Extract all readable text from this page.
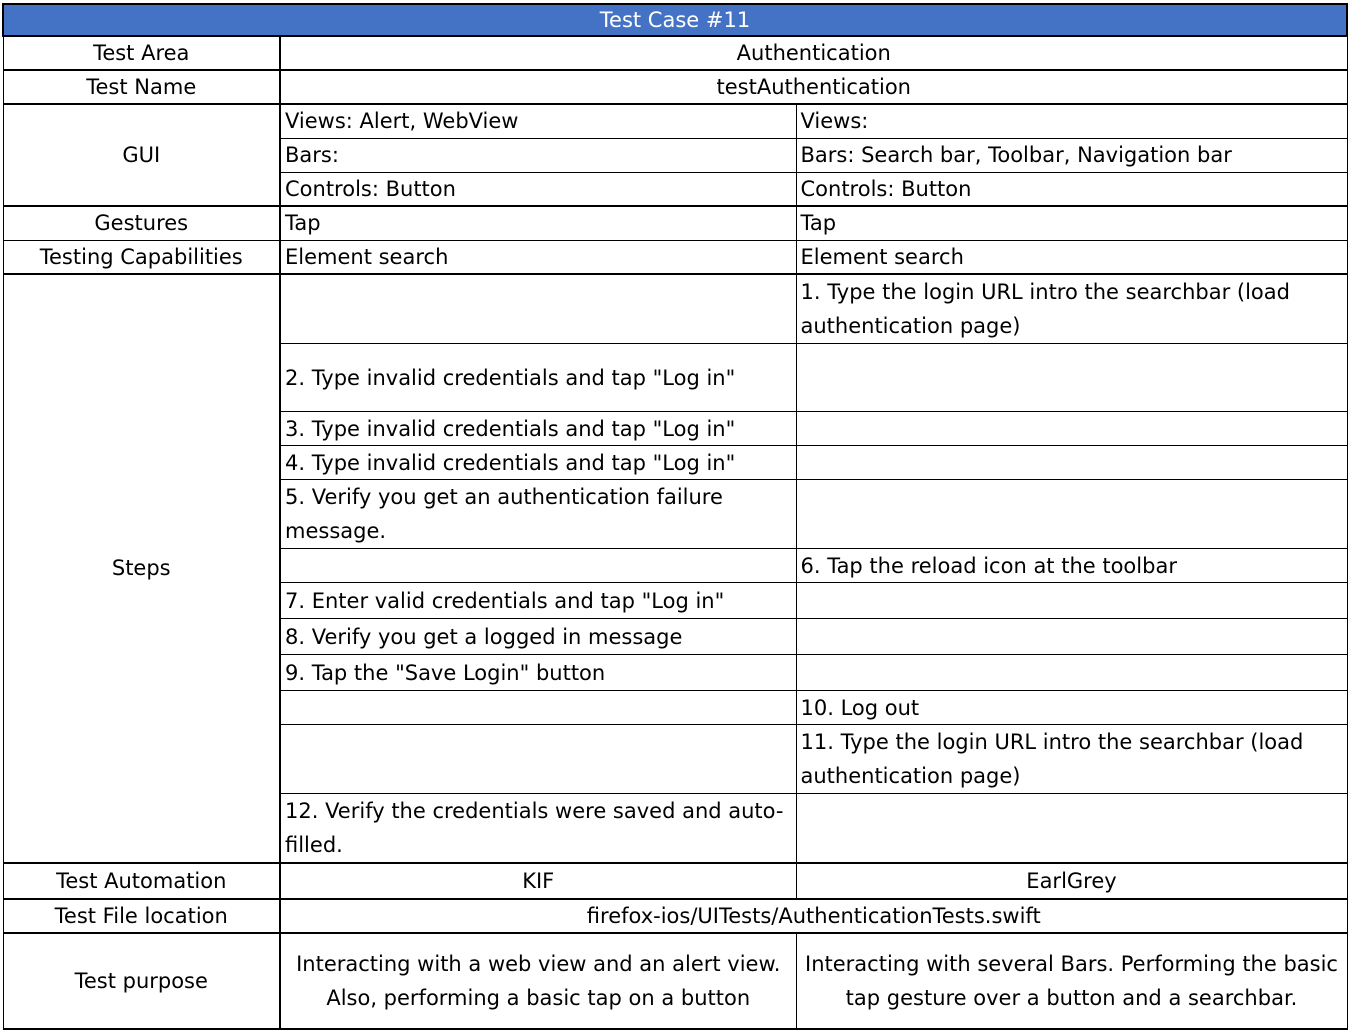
Test Case #11		
Test Area	Authentication	
Test Name	testAuthentication	
GUI	Views: Alert, WebView	Views:
	Bars:	Bars: Search bar, Toolbar, Navigation bar
	Controls: Button	Controls: Button
Gestures	Tap	Tap
Testing Capabilities	Element search	Element search
Steps		1. Type the login URL intro the searchbar (load authentication page)
	2. Type invalid credentials and tap "Log in"	
	3. Type invalid credentials and tap "Log in"	
	4. Type invalid credentials and tap "Log in"	
	5. Verify you get an authentication failure message.	
		6. Tap the reload icon at the toolbar
	7. Enter valid credentials and tap "Log in"	
	8. Verify you get a logged in message	
	9. Tap the "Save Login" button	
		10. Log out
		11. Type the login URL intro the searchbar (load authentication page)
	12. Verify the credentials were saved and auto-filled.	
Test Automation	KIF	EarlGrey
Test File location	firefox-ios/UITests/AuthenticationTests.swift	
Test purpose	Interacting with a web view and an alert view. Also, performing a basic tap on a button	Interacting with several Bars. Performing the basic tap gesture over a button and a searchbar.
